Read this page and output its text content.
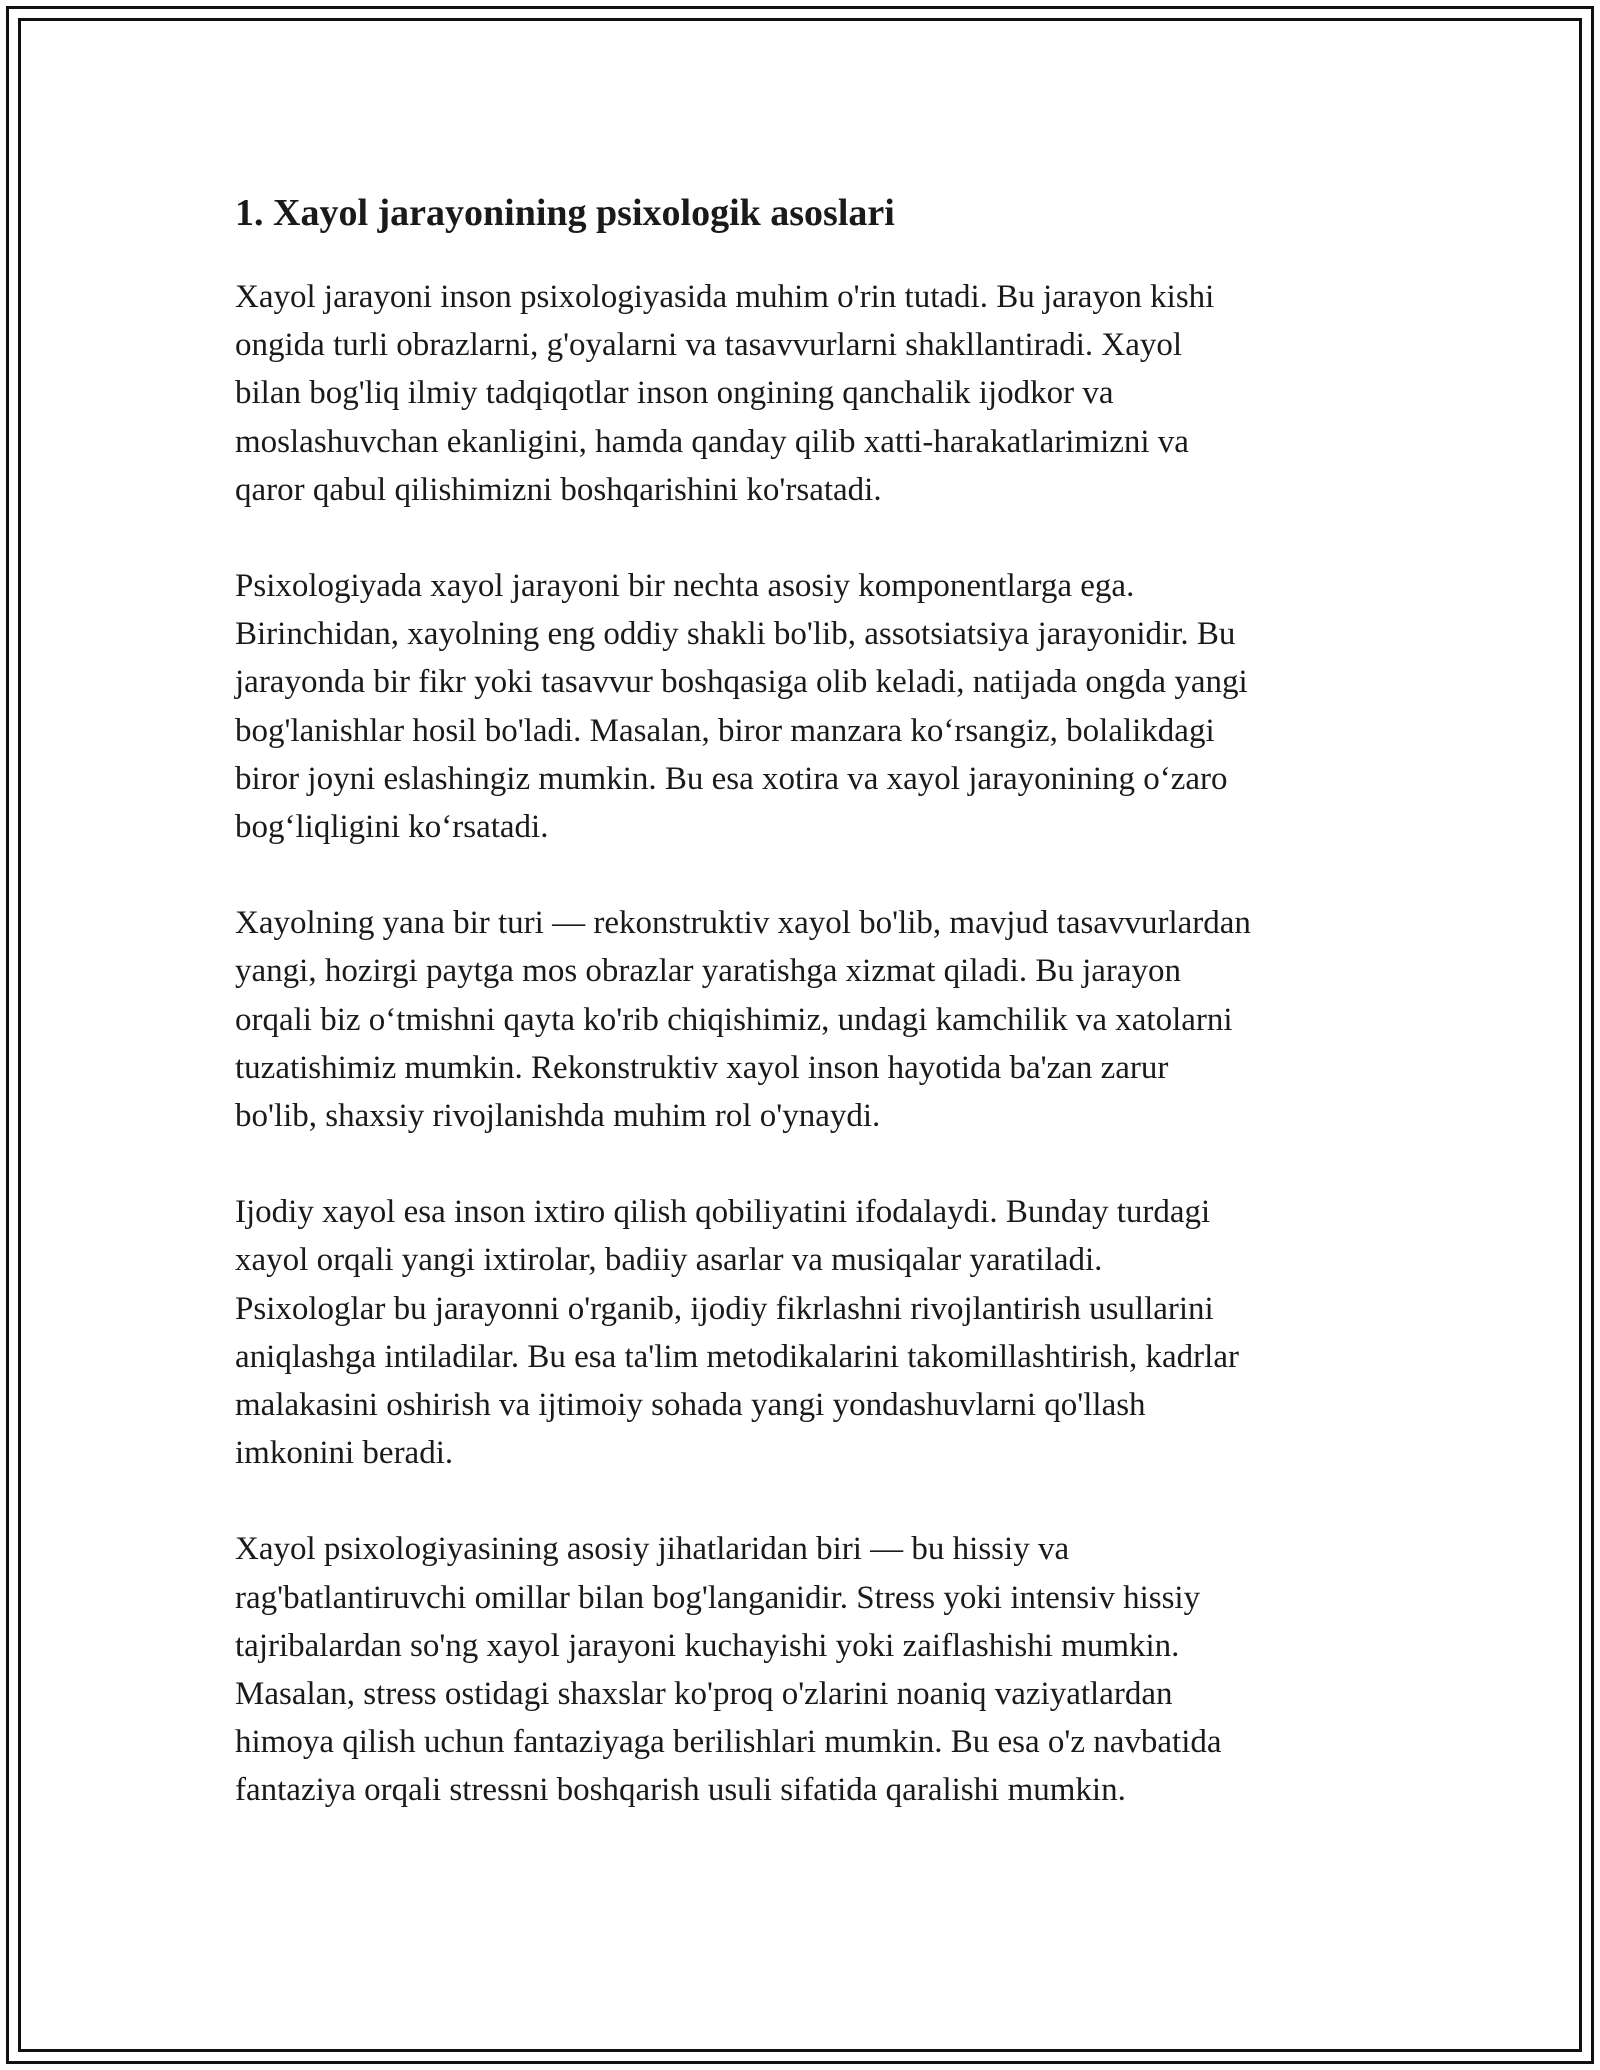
1. Xayol jarayonining psixologik asoslari

Xayol jarayoni inson psixologiyasida muhim o'rin tutadi. Bu jarayon kishi
ongida turli obrazlarni, g'oyalarni va tasavvurlarni shakllantiradi. Xayol
bilan bog'liq ilmiy tadqiqotlar inson ongining qanchalik ijodkor va
moslashuvchan ekanligini, hamda qanday qilib xatti-harakatlarimizni va
qaror qabul qilishimizni boshqarishini ko'rsatadi.

Psixologiyada xayol jarayoni bir nechta asosiy komponentlarga ega.
Birinchidan, xayolning eng oddiy shakli bo'lib, assotsiatsiya jarayonidir. Bu
jarayonda bir fikr yoki tasavvur boshqasiga olib keladi, natijada ongda yangi
bog'lanishlar hosil bo'ladi. Masalan, biror manzara ko‘rsangiz, bolalikdagi
biror joyni eslashingiz mumkin. Bu esa xotira va xayol jarayonining o‘zaro
bog‘liqligini ko‘rsatadi.

Xayolning yana bir turi — rekonstruktiv xayol bo'lib, mavjud tasavvurlardan
yangi, hozirgi paytga mos obrazlar yaratishga xizmat qiladi. Bu jarayon
orqali biz o‘tmishni qayta ko'rib chiqishimiz, undagi kamchilik va xatolarni
tuzatishimiz mumkin. Rekonstruktiv xayol inson hayotida ba'zan zarur
bo'lib, shaxsiy rivojlanishda muhim rol o'ynaydi.

Ijodiy xayol esa inson ixtiro qilish qobiliyatini ifodalaydi. Bunday turdagi
xayol orqali yangi ixtirolar, badiiy asarlar va musiqalar yaratiladi.
Psixologlar bu jarayonni o'rganib, ijodiy fikrlashni rivojlantirish usullarini
aniqlashga intiladilar. Bu esa ta'lim metodikalarini takomillashtirish, kadrlar
malakasini oshirish va ijtimoiy sohada yangi yondashuvlarni qo'llash
imkonini beradi.

Xayol psixologiyasining asosiy jihatlaridan biri — bu hissiy va
rag'batlantiruvchi omillar bilan bog'langanidir. Stress yoki intensiv hissiy
tajribalardan so'ng xayol jarayoni kuchayishi yoki zaiflashishi mumkin.
Masalan, stress ostidagi shaxslar ko'proq o'zlarini noaniq vaziyatlardan
himoya qilish uchun fantaziyaga berilishlari mumkin. Bu esa o'z navbatida
fantaziya orqali stressni boshqarish usuli sifatida qaralishi mumkin.
